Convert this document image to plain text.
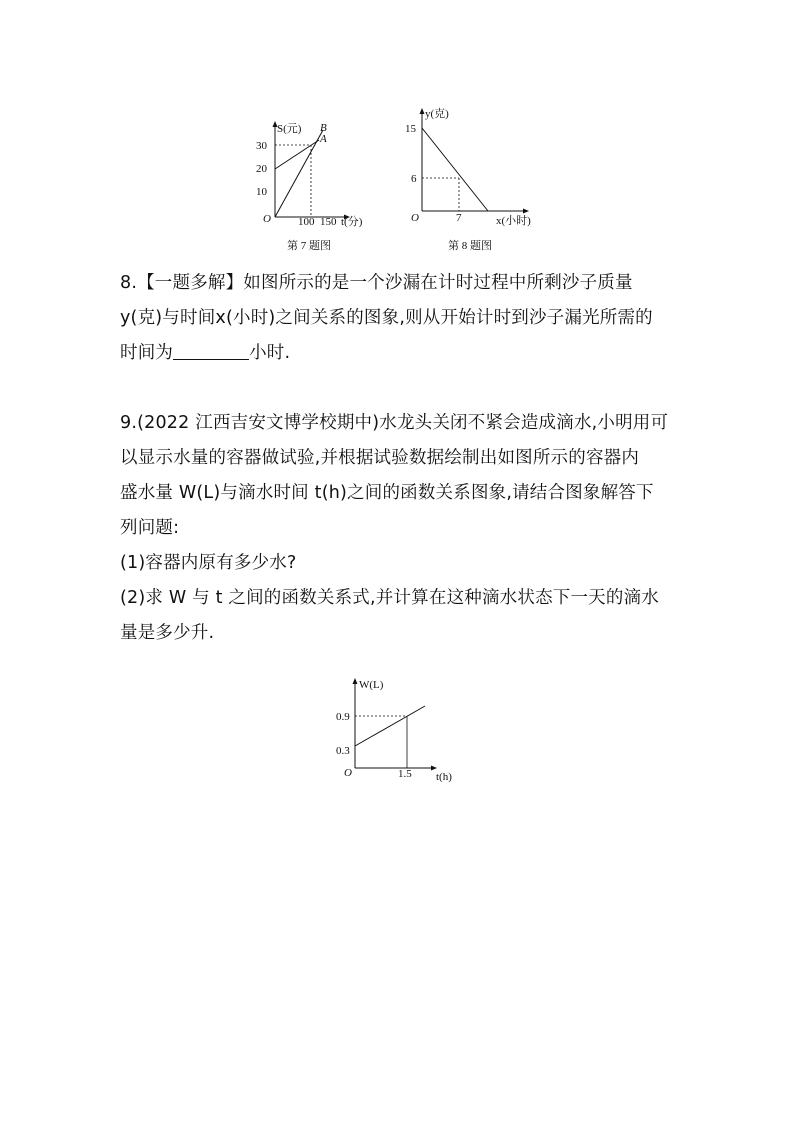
S(元) B
A
30
20
10
O 100 150 t(分)
第 7 题图
y(克)
15
6
O	7	x(小时)
第 8 题图
8.【一题多解】如图所示的是一个沙漏在计时过程中所剩沙子质量
y(克)与时间x(小时)之间关系的图象,则从开始计时到沙子漏光所需的
时间为	小时.
9.(2022 江西吉安文博学校期中)水龙头关闭不紧会造成滴水,小明用可
以显示水量的容器做试验,并根据试验数据绘制出如图所示的容器内
盛水量 W(L)与滴水时间 t(h)之间的函数关系图象,请结合图象解答下
列问题:
(1)容器内原有多少水?
(2)求 W 与 t 之间的函数关系式,并计算在这种滴水状态下一天的滴水
量是多少升.
W(L)
0.9
0.3
O	1.5 t(h)
